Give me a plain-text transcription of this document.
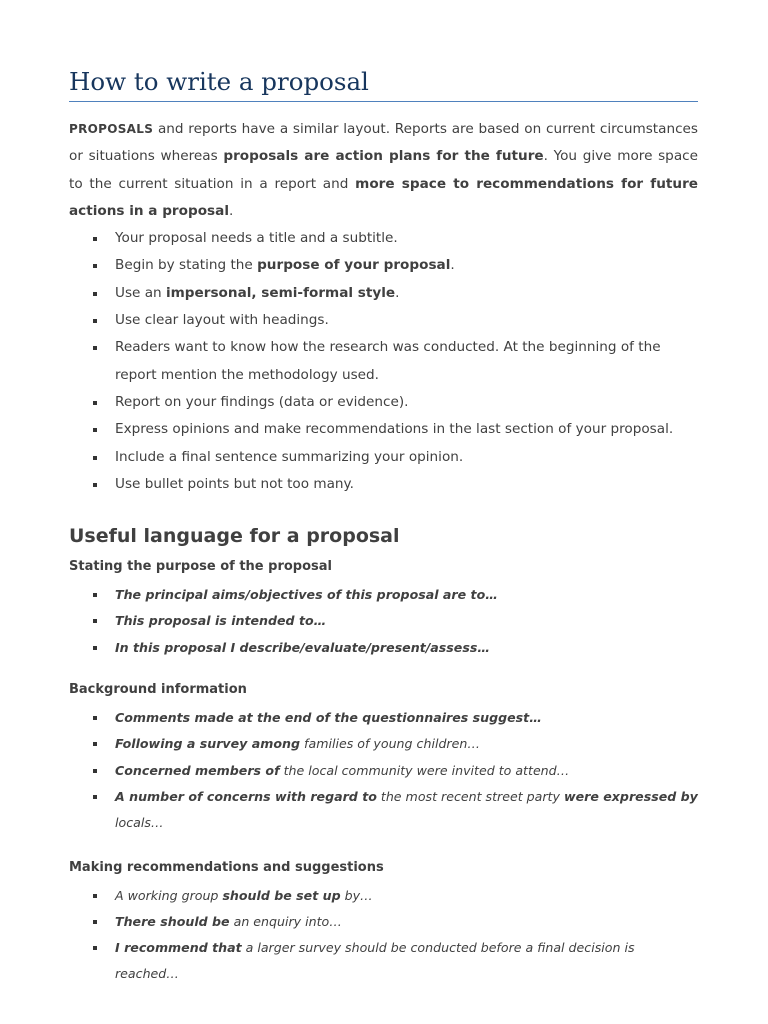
How to write a proposal

PROPOSALS and reports have a similar layout. Reports are based on current circumstances or situations whereas proposals are action plans for the future. You give more space to the current situation in a report and more space to recommendations for future actions in a proposal.

Your proposal needs a title and a subtitle.
Begin by stating the purpose of your proposal.
Use an impersonal, semi-formal style.
Use clear layout with headings.
Readers want to know how the research was conducted. At the beginning of the report mention the methodology used.
Report on your findings (data or evidence).
Express opinions and make recommendations in the last section of your proposal.
Include a final sentence summarizing your opinion.
Use bullet points but not too many.
Useful language for a proposal
Stating the purpose of the proposal
The principal aims/objectives of this proposal are to…
This proposal is intended to…
In this proposal I describe/evaluate/present/assess…
Background information
Comments made at the end of the questionnaires suggest…
Following a survey among families of young children…
Concerned members of the local community were invited to attend…
A number of concerns with regard to the most recent street party were expressed by locals…
Making recommendations and suggestions
A working group should be set up by…
There should be an enquiry into…
I recommend that a larger survey should be conducted before a final decision is reached…
